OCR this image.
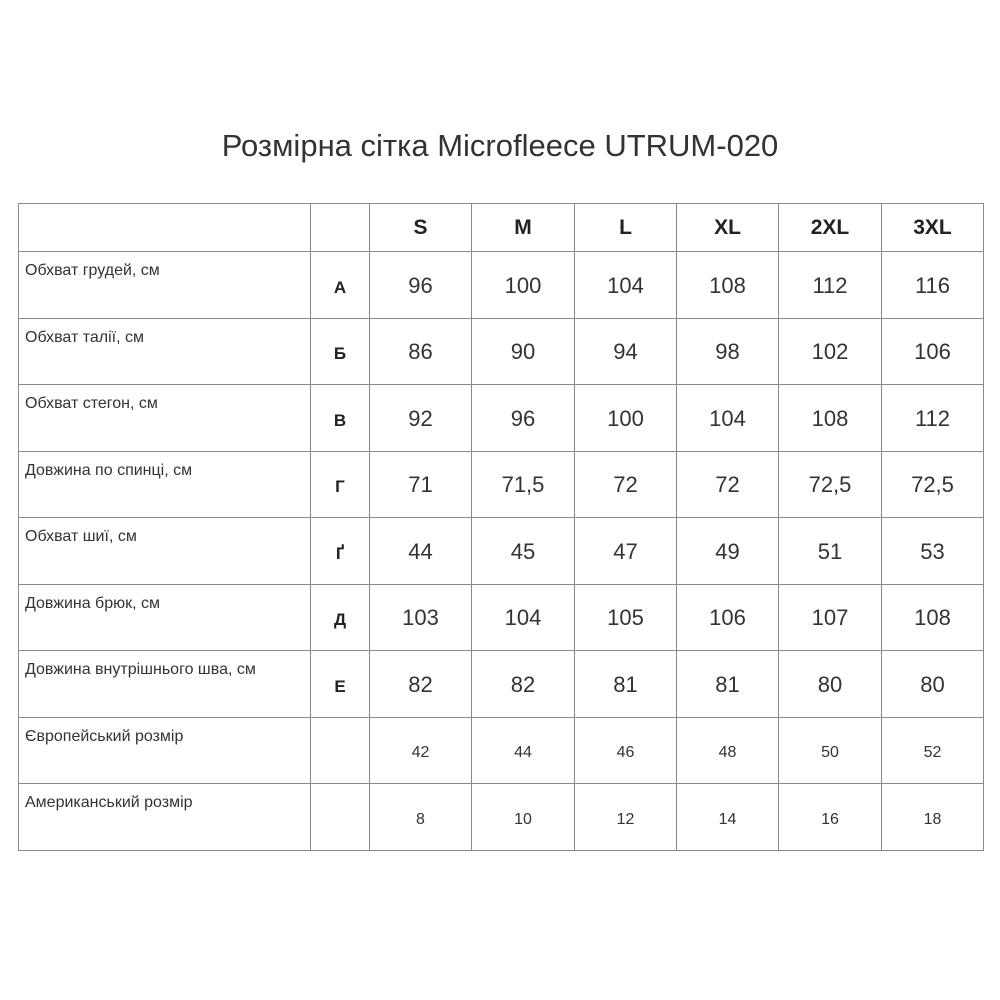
Розмірна сітка Microfleece UTRUM-020
		S	M	L	XL	2XL	3XL
Обхват грудей, см	А	96	100	104	108	112	116
Обхват талії, см	Б	86	90	94	98	102	106
Обхват стегон, см	В	92	96	100	104	108	112
Довжина по спинці, см	Г	71	71,5	72	72	72,5	72,5
Обхват шиї, см	Ґ	44	45	47	49	51	53
Довжина брюк, см	Д	103	104	105	106	107	108
Довжина внутрішнього шва, см	Е	82	82	81	81	80	80
Європейський розмір		42	44	46	48	50	52
Американський розмір		8	10	12	14	16	18
